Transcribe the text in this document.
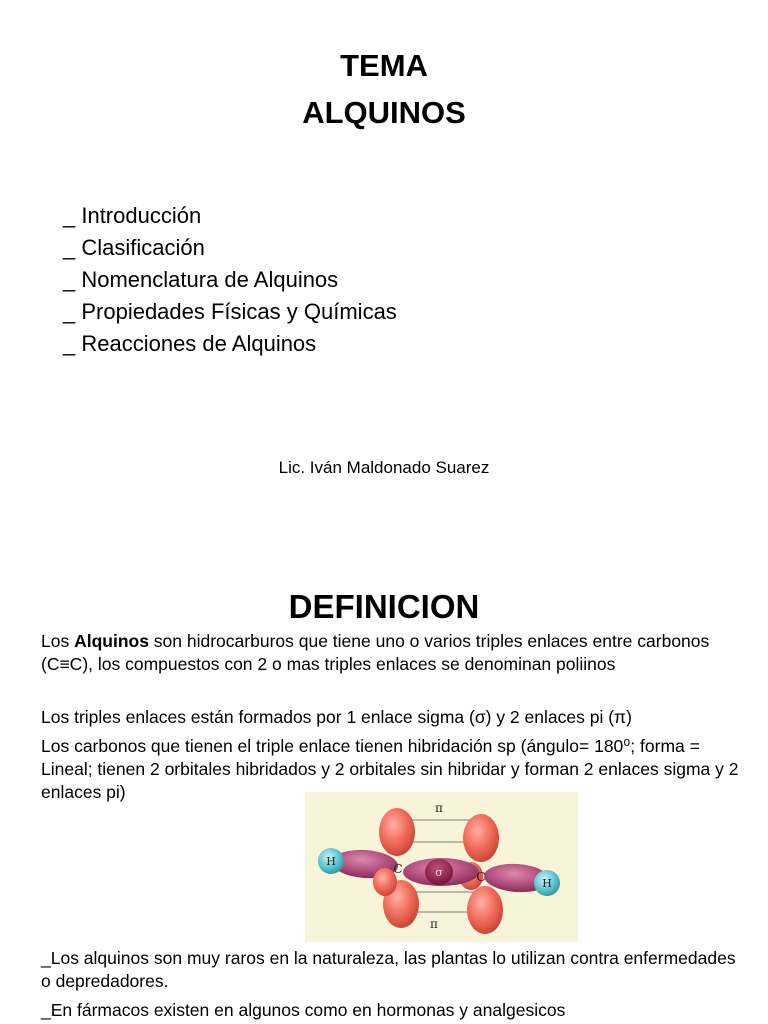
TEMA
ALQUINOS
_ Introducción
_ Clasificación
_ Nomenclatura de Alquinos
_ Propiedades Físicas y Químicas
_ Reacciones de Alquinos
Lic. Iván Maldonado Suarez
DEFINICION
Los Alquinos son hidrocarburos que tiene uno o varios triples enlaces entre carbonos (C≡C), los compuestos con 2 o mas triples enlaces se denominan poliinos
Los triples enlaces están formados por 1 enlace sigma (σ) y 2 enlaces pi (π)
Los carbonos que tienen el triple enlace tienen hibridación sp (ángulo= 180⁰; forma = Lineal; tienen 2 orbitales hibridados y 2 orbitales sin hibridar y forman 2 enlaces sigma y 2 enlaces pi)
π
π
σ
C
C
H
H
_Los alquinos son muy raros en la naturaleza, las plantas lo utilizan contra enfermedades o depredadores.
_En fármacos existen en algunos como en hormonas y analgesicos
